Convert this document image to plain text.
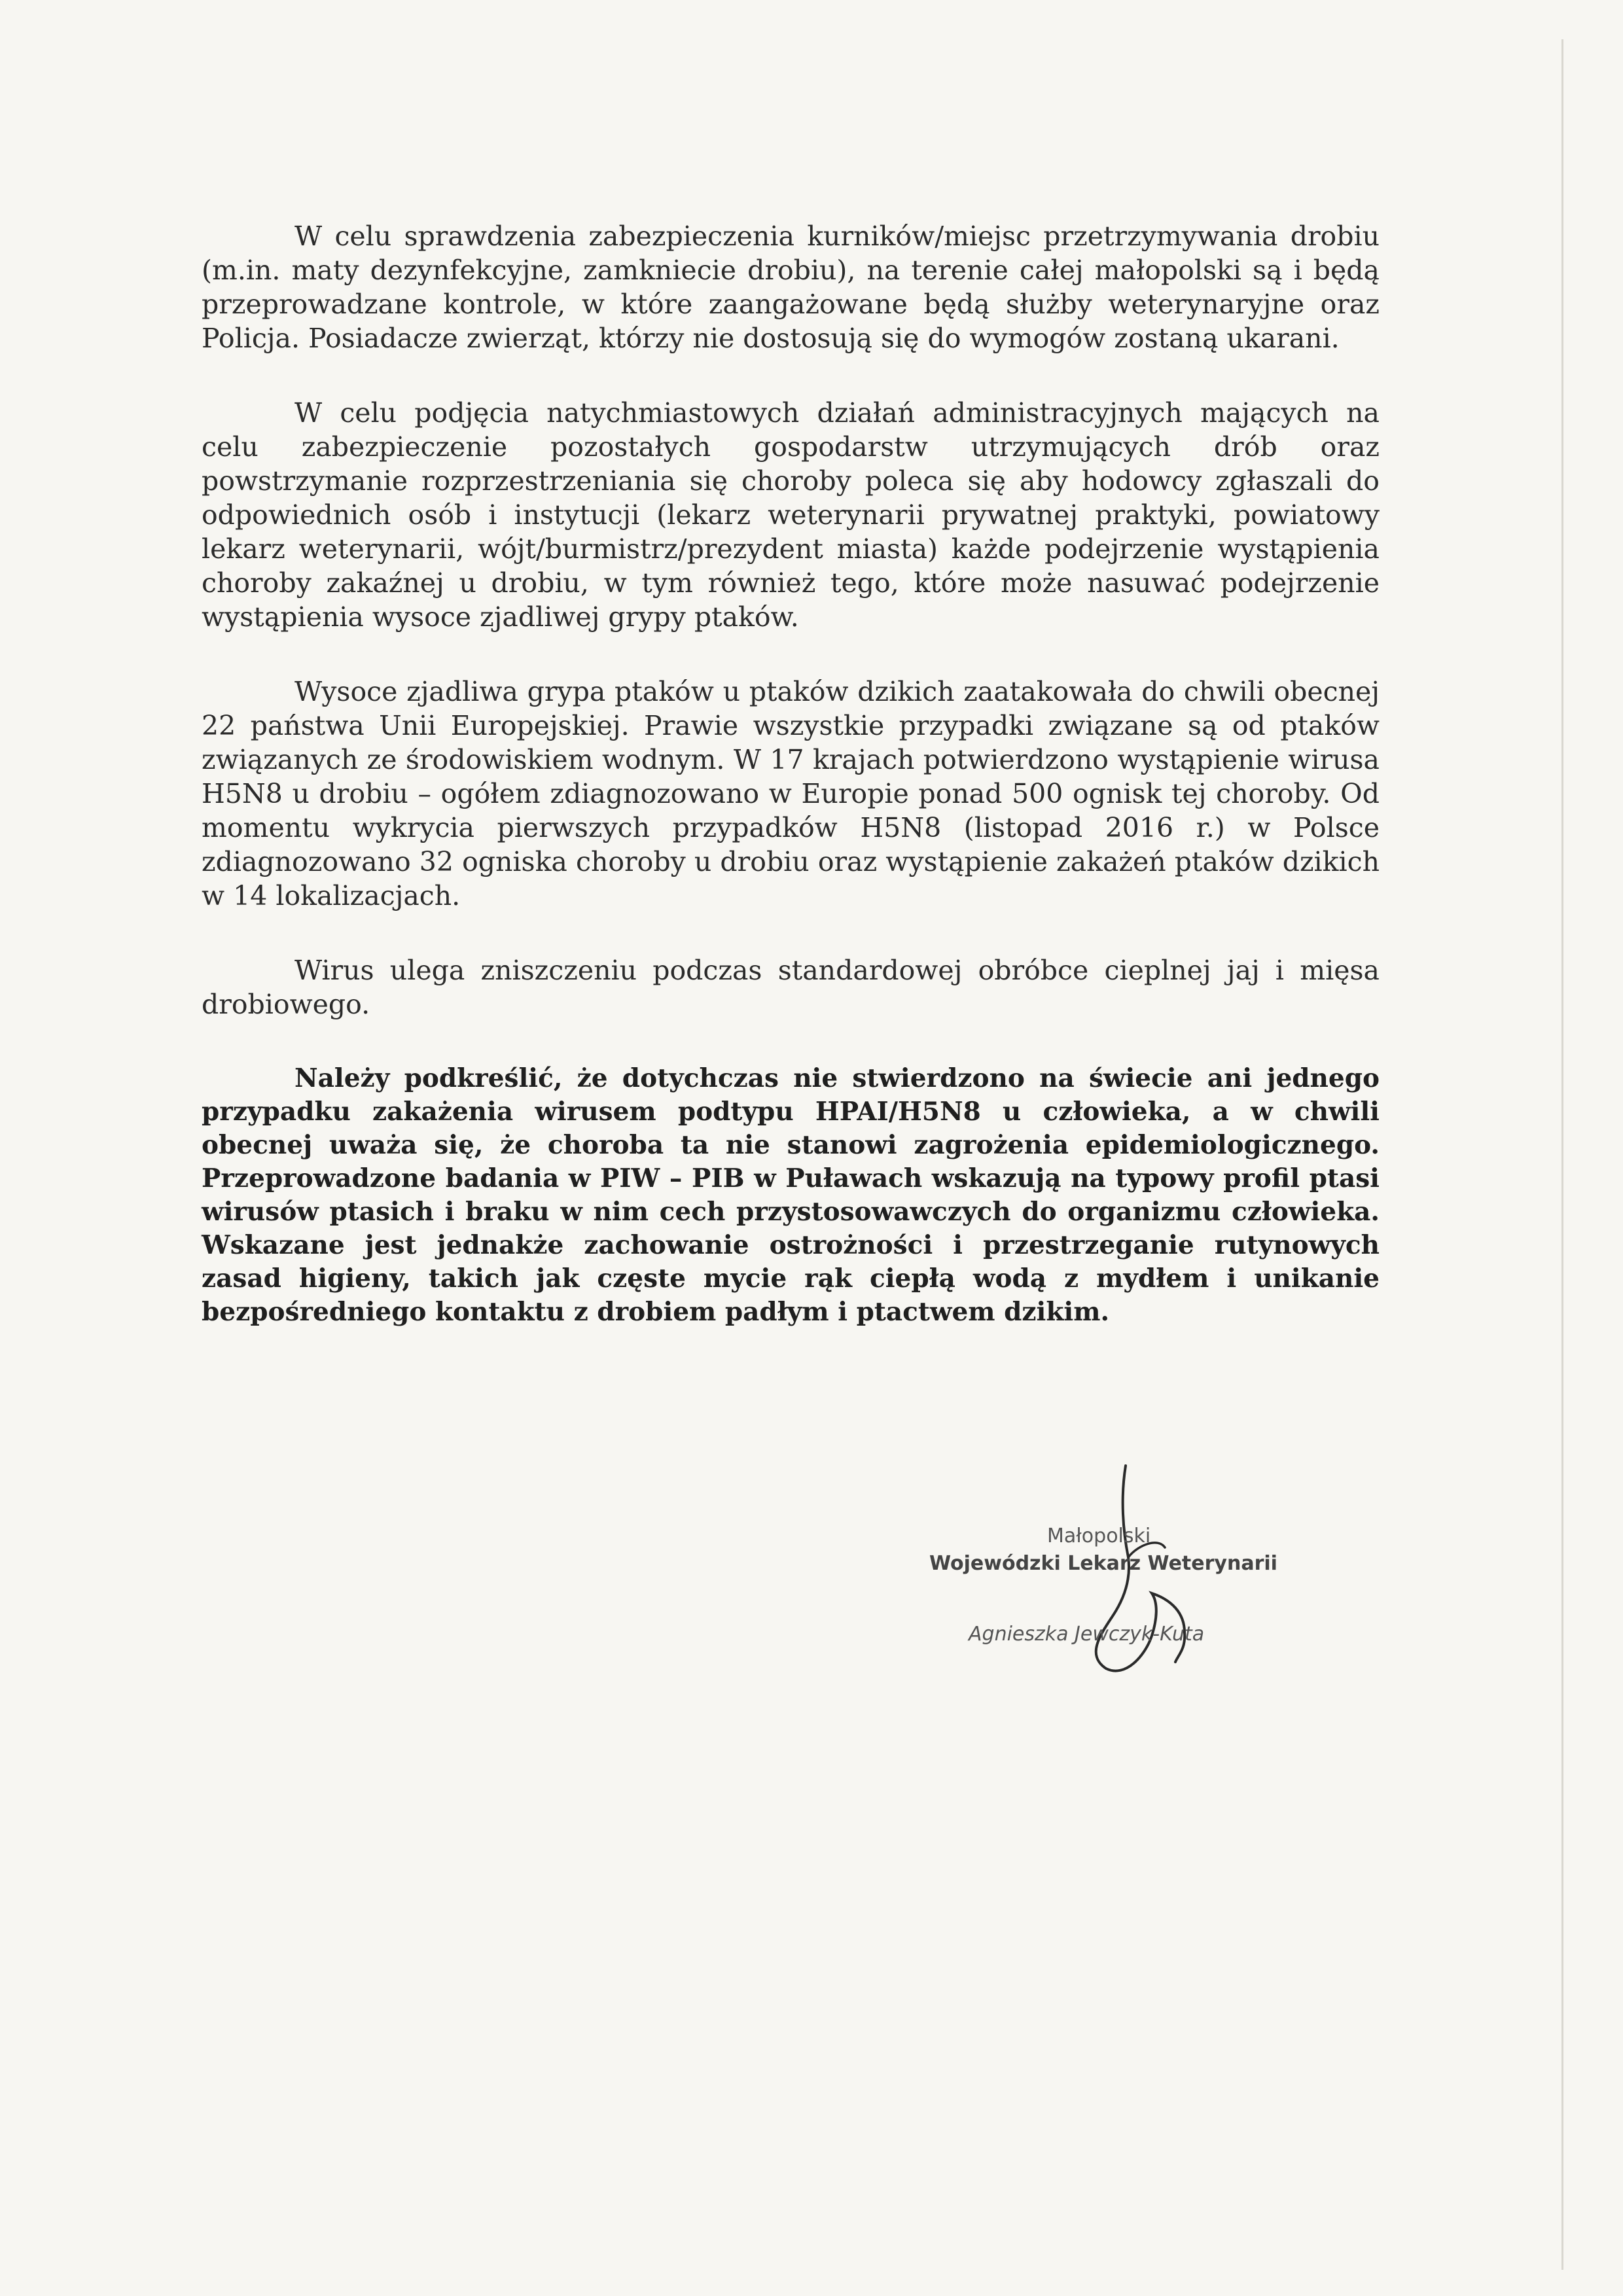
W celu sprawdzenia zabezpieczenia kurników/miejsc przetrzymywania drobiu (m.in. maty dezynfekcyjne, zamkniecie drobiu), na terenie całej małopolski są i będą przeprowadzane kontrole, w które zaangażowane będą służby weterynaryjne oraz Policja. Posiadacze zwierząt, którzy nie dostosują się do wymogów zostaną ukarani.

W celu podjęcia natychmiastowych działań administracyjnych mających na celu zabezpieczenie pozostałych gospodarstw utrzymujących drób oraz powstrzymanie rozprzestrzeniania się choroby poleca się aby hodowcy zgłaszali do odpowiednich osób i instytucji (lekarz weterynarii prywatnej praktyki, powiatowy lekarz weterynarii, wójt/burmistrz/prezydent miasta) każde podejrzenie wystąpienia choroby zakaźnej u drobiu, w tym również tego, które może nasuwać podejrzenie wystąpienia wysoce zjadliwej grypy ptaków.

Wysoce zjadliwa grypa ptaków u ptaków dzikich zaatakowała do chwili obecnej 22 państwa Unii Europejskiej. Prawie wszystkie przypadki związane są od ptaków związanych ze środowiskiem wodnym. W 17 krajach potwierdzono wystąpienie wirusa H5N8 u drobiu – ogółem zdiagnozowano w Europie ponad 500 ognisk tej choroby. Od momentu wykrycia pierwszych przypadków H5N8 (listopad 2016 r.) w Polsce zdiagnozowano 32 ogniska choroby u drobiu oraz wystąpienie zakażeń ptaków dzikich w 14 lokalizacjach.

Wirus ulega zniszczeniu podczas standardowej obróbce cieplnej jaj i mięsa drobiowego.

Należy podkreślić, że dotychczas nie stwierdzono na świecie ani jednego przypadku zakażenia wirusem podtypu HPAI/H5N8 u człowieka, a w chwili obecnej uważa się, że choroba ta nie stanowi zagrożenia epidemiologicznego. Przeprowadzone badania w PIW – PIB w Puławach wskazują na typowy profil ptasi wirusów ptasich i braku w nim cech przystosowawczych do organizmu człowieka. Wskazane jest jednakże zachowanie ostrożności i przestrzeganie rutynowych zasad higieny, takich jak częste mycie rąk ciepłą wodą z mydłem i unikanie bezpośredniego kontaktu z drobiem padłym i ptactwem dzikim.

Małopolski
Wojewódzki Lekarz Weterynarii
Agnieszka Jewczyk-Kuta
